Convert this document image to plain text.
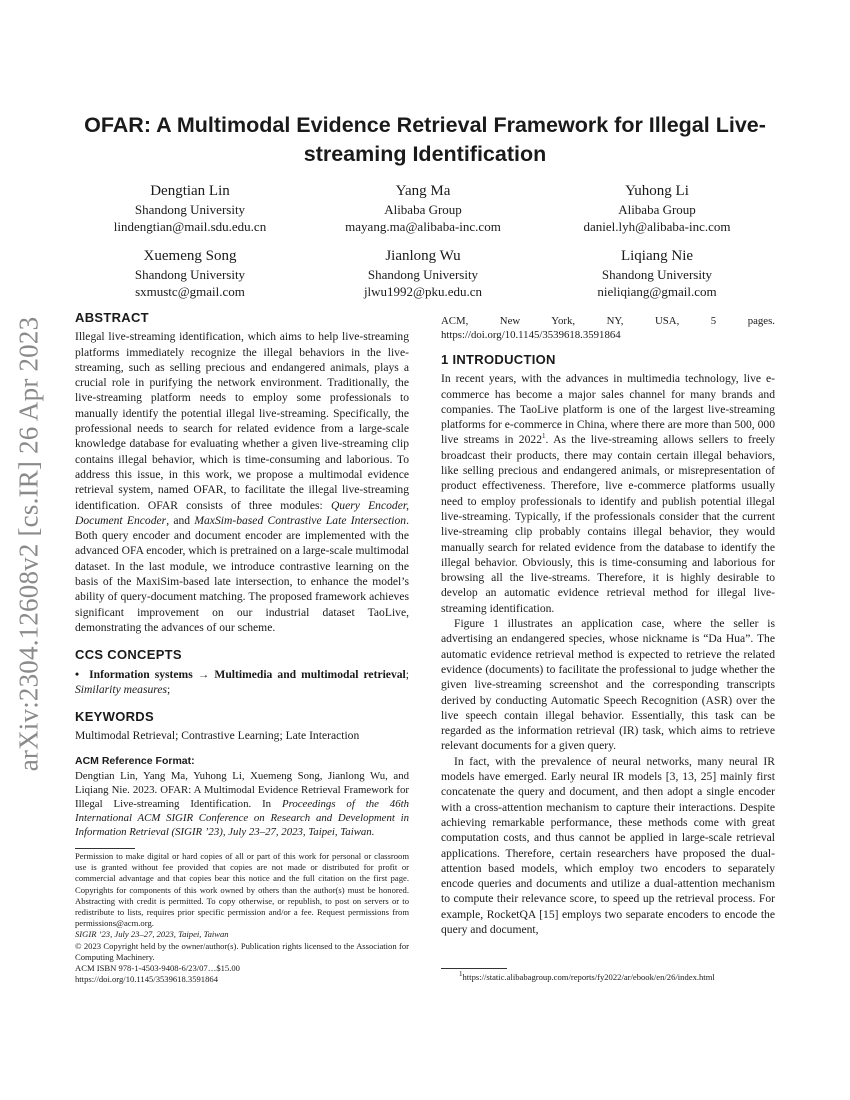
arXiv:2304.12608v2 [cs.IR] 26 Apr 2023
OFAR: A Multimodal Evidence Retrieval Framework for Illegal Live-streaming Identification
Dengtian Lin
Shandong University
lindengtian@mail.sdu.edu.cn
Yang Ma
Alibaba Group
mayang.ma@alibaba-inc.com
Yuhong Li
Alibaba Group
daniel.lyh@alibaba-inc.com
Xuemeng Song
Shandong University
sxmustc@gmail.com
Jianlong Wu
Shandong University
jlwu1992@pku.edu.cn
Liqiang Nie
Shandong University
nieliqiang@gmail.com
ABSTRACT

Illegal live-streaming identification, which aims to help live-streaming platforms immediately recognize the illegal behaviors in the live-streaming, such as selling precious and endangered animals, plays a crucial role in purifying the network environment. Traditionally, the live-streaming platform needs to employ some professionals to manually identify the potential illegal live-streaming. Specifically, the professional needs to search for related evidence from a large-scale knowledge database for evaluating whether a given live-streaming clip contains illegal behavior, which is time-consuming and laborious. To address this issue, in this work, we propose a multimodal evidence retrieval system, named OFAR, to facilitate the illegal live-streaming identification. OFAR consists of three modules: Query Encoder, Document Encoder, and MaxSim-based Contrastive Late Intersection. Both query encoder and document encoder are implemented with the advanced OFA encoder, which is pretrained on a large-scale multimodal dataset. In the last module, we introduce contrastive learning on the basis of the MaxiSim-based late intersection, to enhance the model’s ability of query-document matching. The proposed framework achieves significant improvement on our industrial dataset TaoLive, demonstrating the advances of our scheme.

CCS CONCEPTS

• Information systems → Multimedia and multimodal retrieval; Similarity measures;

KEYWORDS

Multimodal Retrieval; Contrastive Learning; Late Interaction

ACM Reference Format:

Dengtian Lin, Yang Ma, Yuhong Li, Xuemeng Song, Jianlong Wu, and Liqiang Nie. 2023. OFAR: A Multimodal Evidence Retrieval Framework for Illegal Live-streaming Identification. In Proceedings of the 46th International ACM SIGIR Conference on Research and Development in Information Retrieval (SIGIR ’23), July 23–27, 2023, Taipei, Taiwan.

Permission to make digital or hard copies of all or part of this work for personal or classroom use is granted without fee provided that copies are not made or distributed for profit or commercial advantage and that copies bear this notice and the full citation on the first page. Copyrights for components of this work owned by others than the author(s) must be honored. Abstracting with credit is permitted. To copy otherwise, or republish, to post on servers or to redistribute to lists, requires prior specific permission and/or a fee. Request permissions from permissions@acm.org.

SIGIR ’23, July 23–27, 2023, Taipei, Taiwan

© 2023 Copyright held by the owner/author(s). Publication rights licensed to the Association for Computing Machinery.

ACM ISBN 978-1-4503-9408-6/23/07…$15.00

https://doi.org/10.1145/3539618.3591864

ACM, New York, NY, USA, 5 pages. https://doi.org/10.1145/3539618.3591864

1 INTRODUCTION

In recent years, with the advances in multimedia technology, live e-commerce has become a major sales channel for many brands and companies. The TaoLive platform is one of the largest live-streaming platforms for e-commerce in China, where there are more than 500, 000 live streams in 2022$^1$. As the live-streaming allows sellers to freely broadcast their products, there may contain certain illegal behaviors, like selling precious and endangered animals, or misrepresentation of product effectiveness. Therefore, live e-commerce platforms usually need to employ professionals to identify and publish potential illegal live-streaming. Typically, if the professionals consider that the current live-streaming clip probably contains illegal behavior, they would manually search for related evidence from the database to identify the illegal behavior. Obviously, this is time-consuming and laborious for browsing all the live-streams. Therefore, it is highly desirable to develop an automatic evidence retrieval method for illegal live-streaming identification.

Figure 1 illustrates an application case, where the seller is advertising an endangered species, whose nickname is “Da Hua”. The automatic evidence retrieval method is expected to retrieve the related evidence (documents) to facilitate the professional to judge whether the given live-streaming screenshot and the corresponding transcripts derived by conducting Automatic Speech Recognition (ASR) over the live speech contain illegal behavior. Essentially, this task can be regarded as the information retrieval (IR) task, which aims to retrieve relevant documents for a given query.

In fact, with the prevalence of neural networks, many neural IR models have emerged. Early neural IR models [3, 13, 25] mainly first concatenate the query and document, and then adopt a single encoder with a cross-attention mechanism to capture their interactions. Despite achieving remarkable performance, these methods come with great computation costs, and thus cannot be applied in large-scale retrieval applications. Therefore, certain researchers have proposed the dual-attention based models, which employ two encoders to separately encode queries and documents and utilize a dual-attention mechanism to compute their relevance score, to speed up the retrieval process. For example, RocketQA [15] employs two separate encoders to encode the query and document,

$^1$https://static.alibabagroup.com/reports/fy2022/ar/ebook/en/26/index.html
